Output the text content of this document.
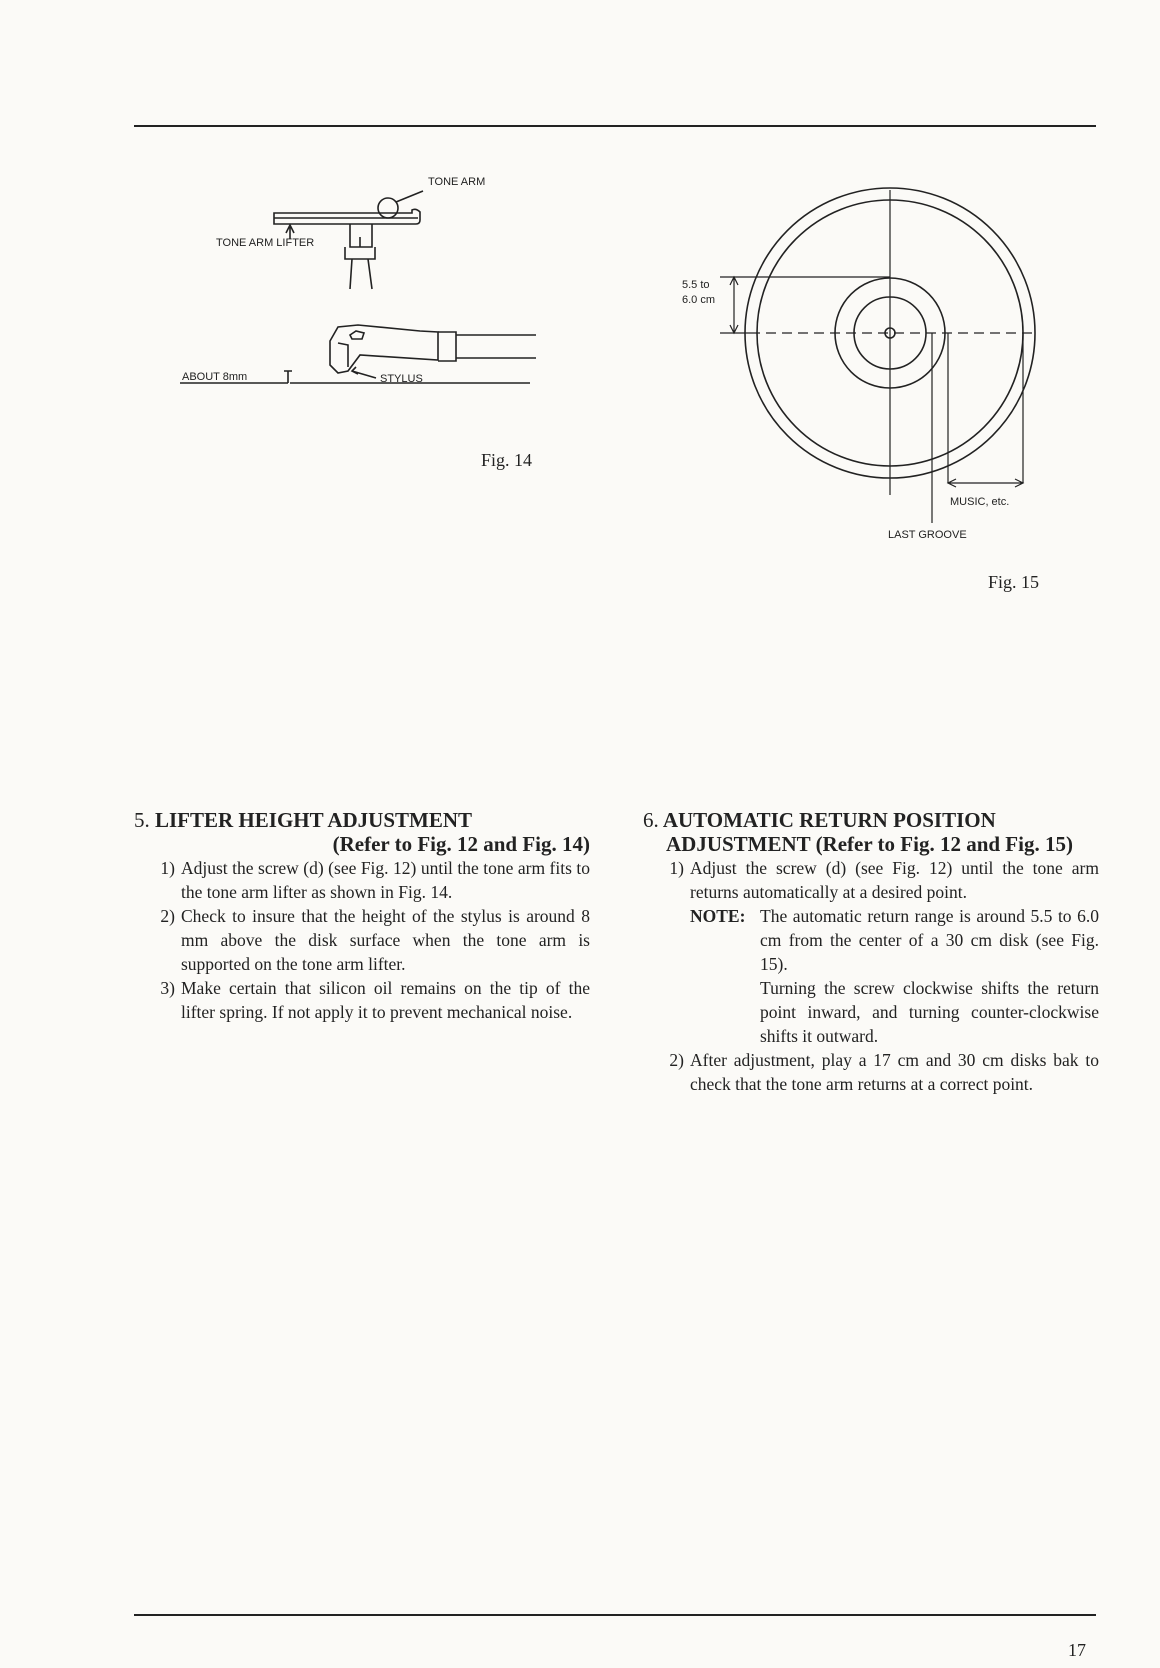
TONE ARM
TONE ARM LIFTER
ABOUT 8mm	STYLUS
Fig. 14
5.5 to
6.0 cm
MUSIC, etc.
LAST GROOVE
Fig. 15
5. LIFTER HEIGHT ADJUSTMENT
(Refer to Fig. 12 and Fig. 14)
1) Adjust the screw (d) (see Fig. 12) until the tone arm fits to the tone arm lifter as shown in Fig. 14.
2) Check to insure that the height of the stylus is around 8 mm above the disk surface when the tone arm is supported on the tone arm lifter.
3) Make certain that silicon oil remains on the tip of the lifter spring. If not apply it to prevent mechanical noise.
6. AUTOMATIC RETURN POSITION
ADJUSTMENT (Refer to Fig. 12 and Fig. 15)
1) Adjust the screw (d) (see Fig. 12) until the tone arm returns automatically at a desired point.
NOTE: The automatic return range is around 5.5 to 6.0 cm from the center of a 30 cm disk (see Fig. 15).

Turning the screw clockwise shifts the return point inward, and turning counter-clockwise shifts it outward.

2) After adjustment, play a 17 cm and 30 cm disks bak to check that the tone arm returns at a correct point.
17
